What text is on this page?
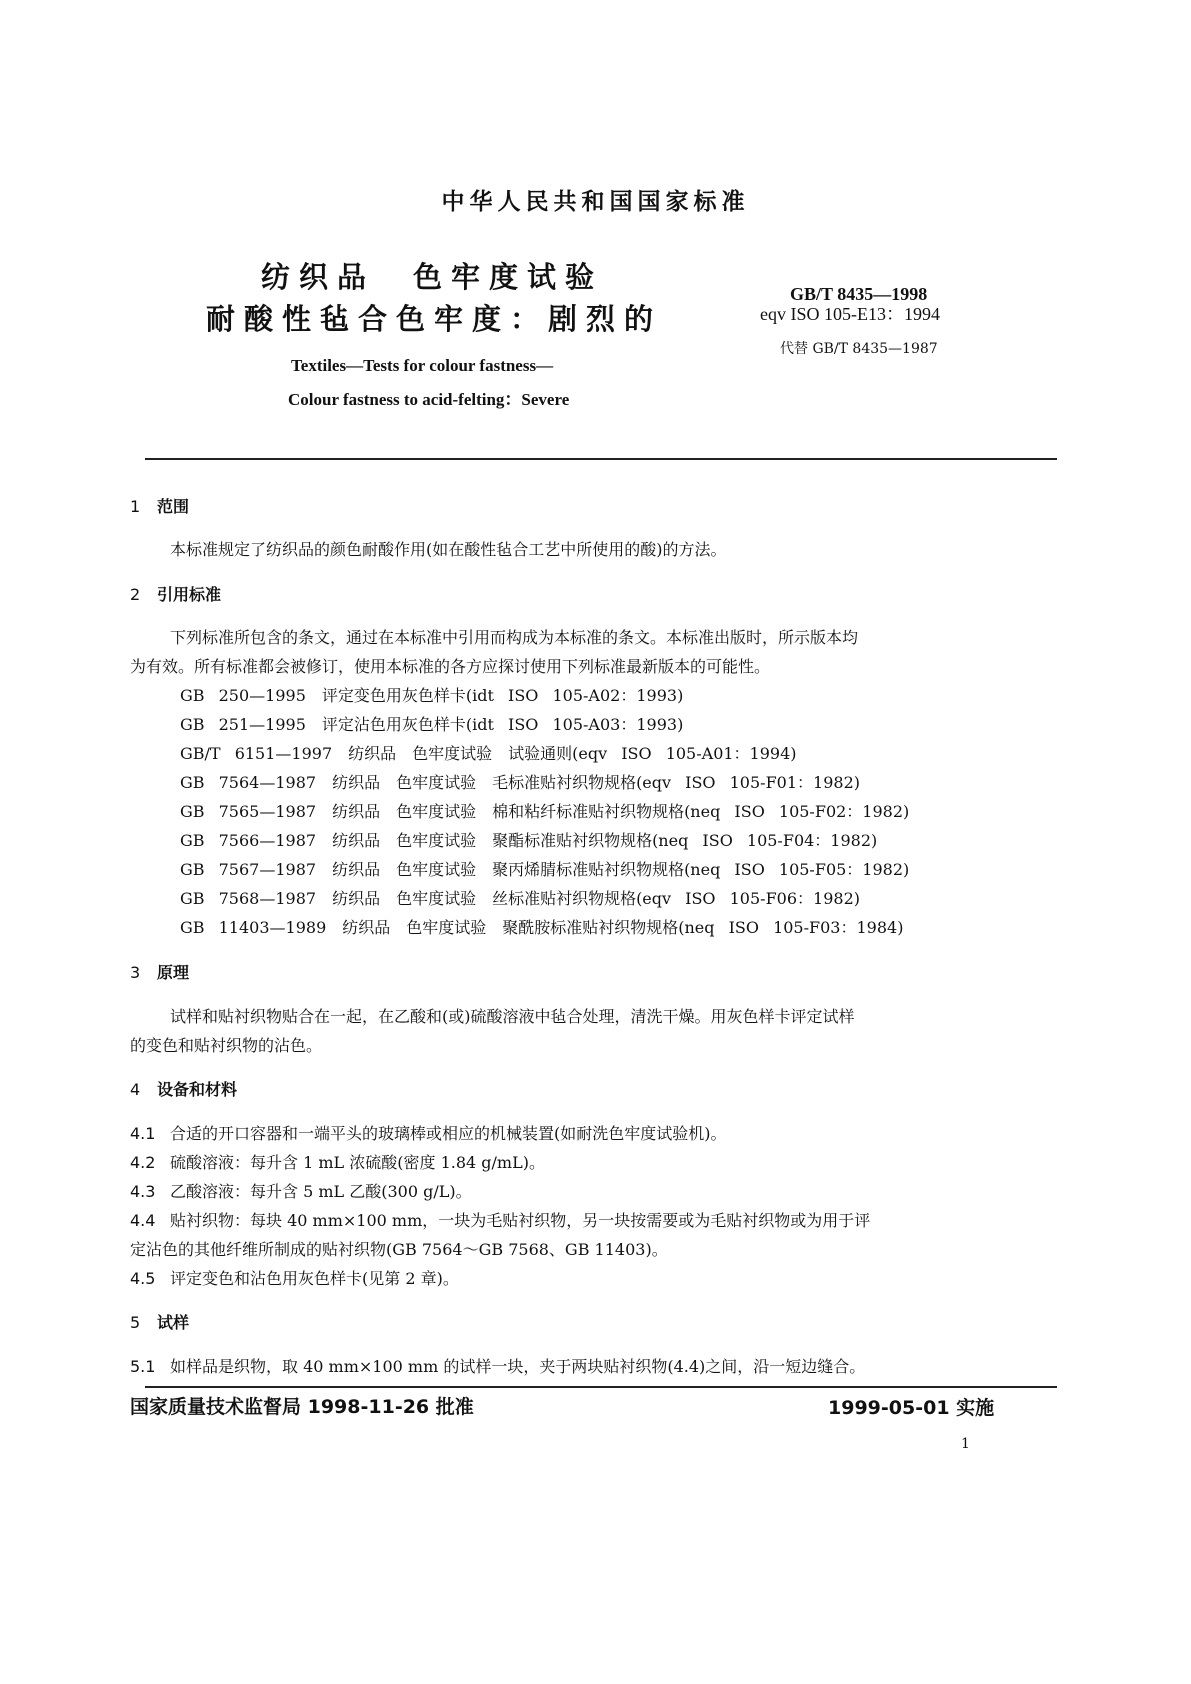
中华人民共和国国家标准
纺织品　色牢度试验
耐酸性毡合色牢度：剧烈的
GB/T 8435—1998
eqv ISO 105-E13：1994
代替 GB/T 8435—1987
Textiles—Tests for colour fastness—
Colour fastness to acid-felting：Severe
1 范围
本标准规定了纺织品的颜色耐酸作用(如在酸性毡合工艺中所使用的酸)的方法。
2 引用标准
下列标准所包含的条文，通过在本标准中引用而构成为本标准的条文。本标准出版时，所示版本均
为有效。所有标准都会被修订，使用本标准的各方应探讨使用下列标准最新版本的可能性。
GB 250—1995　评定变色用灰色样卡(idt ISO 105-A02：1993)
GB 251—1995　评定沾色用灰色样卡(idt ISO 105-A03：1993)
GB/T 6151—1997　纺织品　色牢度试验　试验通则(eqv ISO 105-A01：1994)
GB 7564—1987　纺织品　色牢度试验　毛标准贴衬织物规格(eqv ISO 105-F01：1982)
GB 7565—1987　纺织品　色牢度试验　棉和粘纤标准贴衬织物规格(neq ISO 105-F02：1982)
GB 7566—1987　纺织品　色牢度试验　聚酯标准贴衬织物规格(neq ISO 105-F04：1982)
GB 7567—1987　纺织品　色牢度试验　聚丙烯腈标准贴衬织物规格(neq ISO 105-F05：1982)
GB 7568—1987　纺织品　色牢度试验　丝标准贴衬织物规格(eqv ISO 105-F06：1982)
GB 11403—1989　纺织品　色牢度试验　聚酰胺标准贴衬织物规格(neq ISO 105-F03：1984)
3 原理
试样和贴衬织物贴合在一起，在乙酸和(或)硫酸溶液中毡合处理，清洗干燥。用灰色样卡评定试样
的变色和贴衬织物的沾色。
4 设备和材料
4.1 合适的开口容器和一端平头的玻璃棒或相应的机械装置(如耐洗色牢度试验机)。
4.2 硫酸溶液：每升含 1 mL 浓硫酸(密度 1.84 g/mL)。
4.3 乙酸溶液：每升含 5 mL 乙酸(300 g/L)。
4.4 贴衬织物：每块 40 mm×100 mm，一块为毛贴衬织物，另一块按需要或为毛贴衬织物或为用于评
定沾色的其他纤维所制成的贴衬织物(GB 7564～GB 7568、GB 11403)。
4.5 评定变色和沾色用灰色样卡(见第 2 章)。
5 试样
5.1 如样品是织物，取 40 mm×100 mm 的试样一块，夹于两块贴衬织物(4.4)之间，沿一短边缝合。
国家质量技术监督局 1998-11-26 批准	1999-05-01 实施
1
